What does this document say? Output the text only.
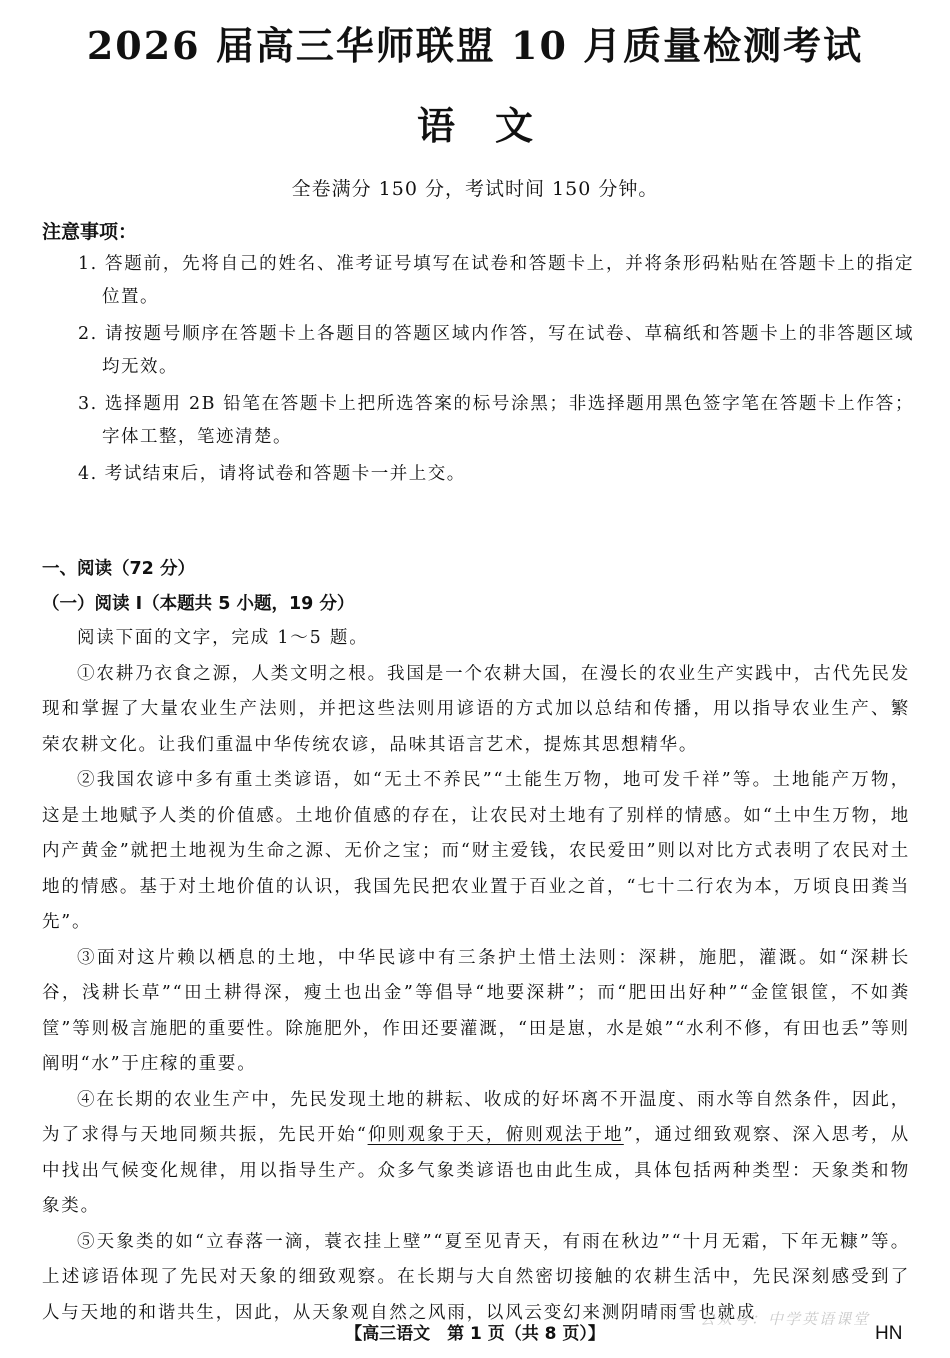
2026 届高三华师联盟 10 月质量检测考试
语文
全卷满分 150 分，考试时间 150 分钟。
注意事项：
1. 答题前，先将自己的姓名、准考证号填写在试卷和答题卡上，并将条形码粘贴在答题卡上的指定位置。
2. 请按题号顺序在答题卡上各题目的答题区域内作答，写在试卷、草稿纸和答题卡上的非答题区域均无效。
3. 选择题用 2B 铅笔在答题卡上把所选答案的标号涂黑；非选择题用黑色签字笔在答题卡上作答；字体工整，笔迹清楚。
4. 考试结束后，请将试卷和答题卡一并上交。
一、阅读（72 分）
（一）阅读 Ⅰ（本题共 5 小题，19 分）

阅读下面的文字，完成 1～5 题。

①农耕乃衣食之源，人类文明之根。我国是一个农耕大国，在漫长的农业生产实践中，古代先民发现和掌握了大量农业生产法则，并把这些法则用谚语的方式加以总结和传播，用以指导农业生产、繁荣农耕文化。让我们重温中华传统农谚，品味其语言艺术，提炼其思想精华。

②我国农谚中多有重土类谚语，如“无土不养民”“土能生万物，地可发千祥”等。土地能产万物，这是土地赋予人类的价值感。土地价值感的存在，让农民对土地有了别样的情感。如“土中生万物，地内产黄金”就把土地视为生命之源、无价之宝；而“财主爱钱，农民爱田”则以对比方式表明了农民对土地的情感。基于对土地价值的认识，我国先民把农业置于百业之首，“七十二行农为本，万顷良田粪当先”。

③面对这片赖以栖息的土地，中华民谚中有三条护土惜土法则：深耕，施肥，灌溉。如“深耕长谷，浅耕长草”“田土耕得深，瘦土也出金”等倡导“地要深耕”；而“肥田出好种”“金筐银筐，不如粪筐”等则极言施肥的重要性。除施肥外，作田还要灌溉，“田是崽，水是娘”“水利不修，有田也丢”等则阐明“水”于庄稼的重要。

④在长期的农业生产中，先民发现土地的耕耘、收成的好坏离不开温度、雨水等自然条件，因此，为了求得与天地同频共振，先民开始“仰则观象于天，俯则观法于地”，通过细致观察、深入思考，从中找出气候变化规律，用以指导生产。众多气象类谚语也由此生成，具体包括两种类型：天象类和物象类。

⑤天象类的如“立春落一滴，蓑衣挂上壁”“夏至见青天，有雨在秋边”“十月无霜，下年无糠”等。上述谚语体现了先民对天象的细致观察。在长期与大自然密切接触的农耕生活中，先民深刻感受到了人与天地的和谐共生，因此，从天象观自然之风雨，以风云变幻来测阴晴雨雪也就成

公众号：中学英语课堂
【高三语文　第 1 页（共 8 页）】	HN
